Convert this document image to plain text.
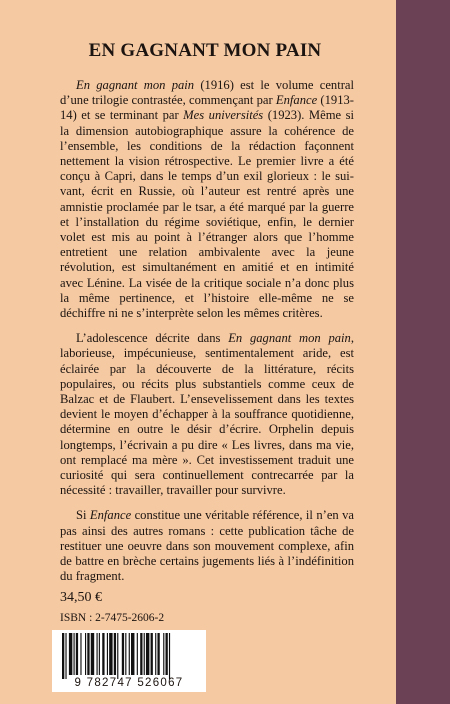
EN GAGNANT MON PAIN

En gagnant mon pain (1916) est le volume central d’une trilogie contrastée, commençant par Enfance (1913-14) et se terminant par Mes universités (1923). Même si la dimension autobiographique assure la cohérence de l’ensemble, les conditions de la rédaction façonnent nettement la vision rétrospective. Le premier livre a été conçu à Capri, dans le temps d’un exil glorieux : le suivant, écrit en Russie, où l’auteur est rentré après une amnistie proclamée par le tsar, a été marqué par la guerre et l’installation du régime soviétique, enfin, le dernier volet est mis au point à l’étranger alors que l’homme entretient une relation ambivalente avec la jeune révolution, est simultanément en amitié et en intimité avec Lénine. La visée de la critique sociale n’a donc plus la même pertinence, et l’histoire elle-même ne se déchiffre ni ne s’interprète selon les mêmes critères.

L’adolescence décrite dans En gagnant mon pain, laborieuse, impécunieuse, sentimentalement aride, est éclairée par la découverte de la littérature, récits populaires, ou récits plus substantiels comme ceux de Balzac et de Flaubert. L’ensevelissement dans les textes devient le moyen d’échapper à la souffrance quotidienne, détermine en outre le désir d’écrire. Orphelin depuis longtemps, l’écrivain a pu dire « Les livres, dans ma vie, ont remplacé ma mère ». Cet investissement traduit une curiosité qui sera continuellement contrecarrée par la nécessité : travailler, travailler pour survivre.

Si Enfance constitue une véritable référence, il n’en va pas ainsi des autres romans : cette publication tâche de restituer une oeuvre dans son mouvement complexe, afin de battre en brèche certains jugements liés à l’indéfinition du fragment.

34,50 €
ISBN : 2-7475-2606-2
9 782747 526067
